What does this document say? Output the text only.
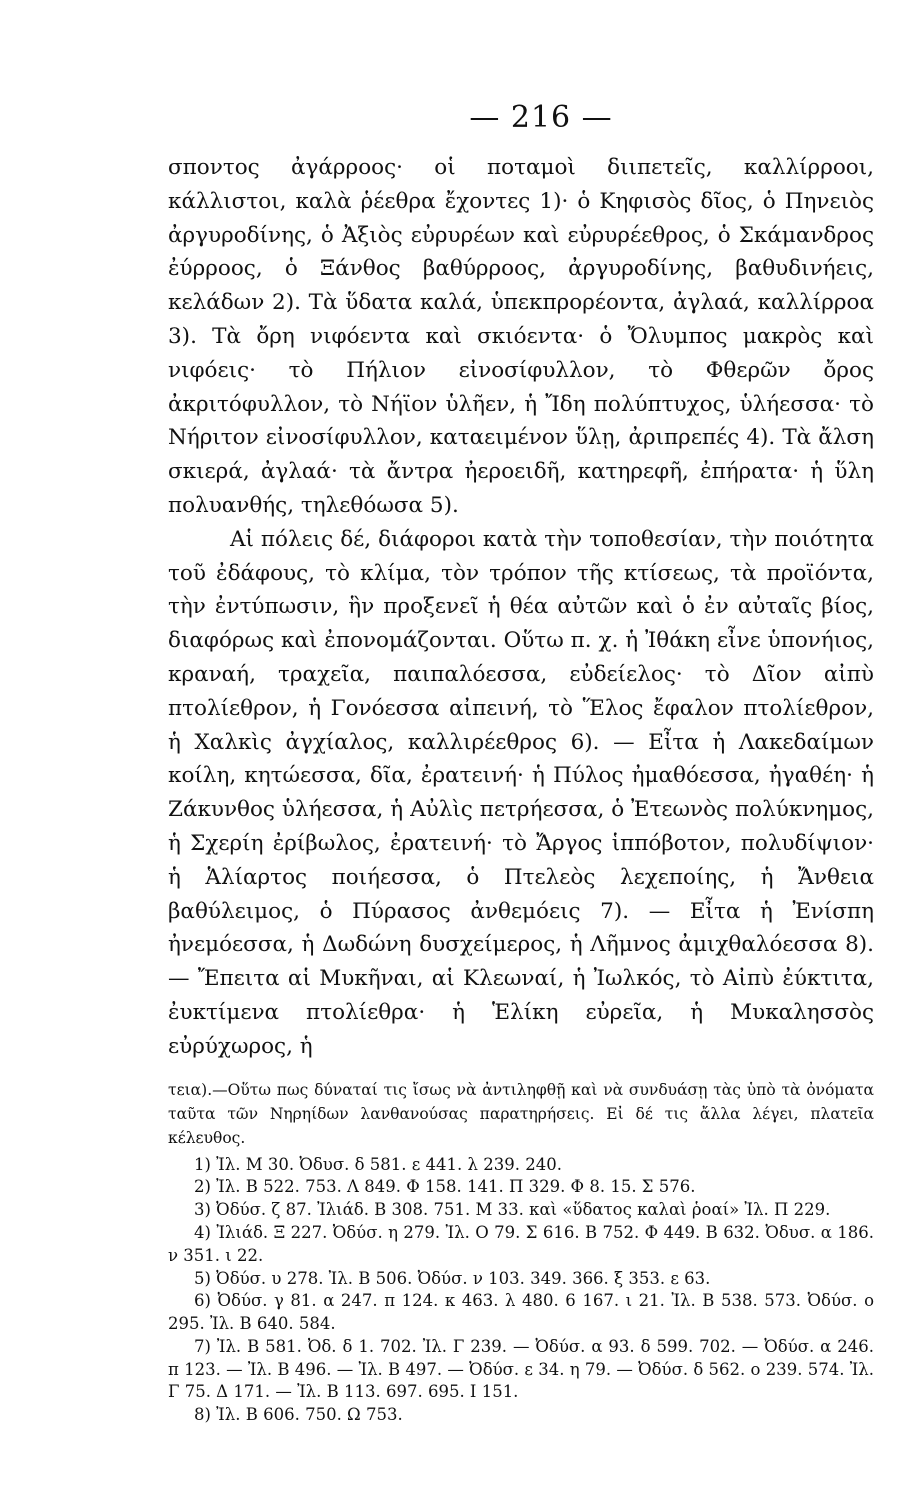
— 216 —

σποντος ἀγάρροος· οἱ ποταμοὶ διιπετεῖς, καλλίρροοι, κάλλιστοι, καλὰ ῥέεθρα ἔχοντες 1)· ὁ Κηφισὸς δῖος, ὁ Πηνειὸς ἀργυροδίνης, ὁ Ἀξιὸς εὐρυρέων καὶ εὐρυρέεθρος, ὁ Σκάμανδρος ἐύρροος, ὁ Ξάνθος βαθύρροος, ἀργυροδίνης, βαθυδινήεις, κελάδων 2). Τὰ ὕδατα καλά, ὑπεκπρορέοντα, ἀγλαά, καλλίρροα 3). Τὰ ὄρη νιφόεντα καὶ σκιόεντα· ὁ Ὄλυμπος μακρὸς καὶ νιφόεις· τὸ Πήλιον εἰνοσίφυλλον, τὸ Φθερῶν ὄρος ἀκριτόφυλλον, τὸ Νήϊον ὑλῆεν, ἡ Ἴδη πολύπτυχος, ὑλήεσσα· τὸ Νήριτον εἰνοσίφυλλον, καταειμένον ὕλῃ, ἀριπρεπές 4). Τὰ ἄλση σκιερά, ἀγλαά· τὰ ἄντρα ἠεροειδῆ, κατηρεφῆ, ἐπήρατα· ἡ ὕλη πολυανθής, τηλεθόωσα 5).

Αἱ πόλεις δέ, διάφοροι κατὰ τὴν τοποθεσίαν, τὴν ποιότητα τοῦ ἐδάφους, τὸ κλίμα, τὸν τρόπον τῆς κτίσεως, τὰ προϊόντα, τὴν ἐντύπωσιν, ἣν προξενεῖ ἡ θέα αὐτῶν καὶ ὁ ἐν αὐταῖς βίος, διαφόρως καὶ ἐπονομάζονται. Οὕτω π. χ. ἡ Ἰθάκη εἶνε ὑπονήιος, κραναή, τραχεῖα, παιπαλόεσσα, εὐδείελος· τὸ Δῖον αἰπὺ πτολίεθρον, ἡ Γονόεσσα αἰπεινή, τὸ Ἕλος ἔφαλον πτολίεθρον, ἡ Χαλκὶς ἀγχίαλος, καλλιρέεθρος 6). — Εἶτα ἡ Λακεδαίμων κοίλη, κητώεσσα, δῖα, ἐρατεινή· ἡ Πύλος ἠμαθόεσσα, ἠγαθέη· ἡ Ζάκυνθος ὑλήεσσα, ἡ Αὐλὶς πετρήεσσα, ὁ Ἐτεωνὸς πολύκνημος, ἡ Σχερίη ἐρίβωλος, ἐρατεινή· τὸ Ἄργος ἱππόβοτον, πολυδίψιον· ἡ Ἁλίαρτος ποιήεσσα, ὁ Πτελεὸς λεχεποίης, ἡ Ἄνθεια βαθύλειμος, ὁ Πύρασος ἀνθεμόεις 7). — Εἶτα ἡ Ἐνίσπη ἠνεμόεσσα, ἡ Δωδώνη δυσχείμερος, ἡ Λῆμνος ἀμιχθαλόεσσα 8). — Ἔπειτα αἱ Μυκῆναι, αἱ Κλεωναί, ἡ Ἰωλκός, τὸ Αἰπὺ ἐύκτιτα, ἐυκτίμενα πτολίεθρα· ἡ Ἑλίκη εὐρεῖα, ἡ Μυκαλησσὸς εὐρύχωρος, ἡ

τεια).—Οὕτω πως δύναταί τις ἴσως νὰ ἀντιληφθῇ καὶ νὰ συνδυάσῃ τὰς ὑπὸ τὰ ὀνόματα ταῦτα τῶν Νηρηίδων λανθανούσας παρατηρήσεις. Εἰ δέ τις ἄλλα λέγει, πλατεῖα κέλευθος.
1) Ἰλ. Μ 30. Ὀδυσ. δ 581. ε 441. λ 239. 240.
2) Ἰλ. Β 522. 753. Λ 849. Φ 158. 141. Π 329. Φ 8. 15. Σ 576.
3) Ὀδύσ. ζ 87. Ἰλιάδ. Β 308. 751. Μ 33. καὶ «ὕδατος καλαὶ ῥοαί» Ἰλ. Π 229.
4) Ἰλιάδ. Ξ 227. Ὀδύσ. η 279. Ἰλ. Ο 79. Σ 616. Β 752. Φ 449. Β 632. Ὀδυσ. α 186. ν 351. ι 22.
5) Ὀδύσ. υ 278. Ἰλ. Β 506. Ὀδύσ. ν 103. 349. 366. ξ 353. ε 63.
6) Ὀδύσ. γ 81. α 247. π 124. κ 463. λ 480. 6 167. ι 21. Ἰλ. Β 538. 573. Ὀδύσ. ο 295. Ἰλ. Β 640. 584.
7) Ἰλ. Β 581. Ὀδ. δ 1. 702. Ἰλ. Γ 239. — Ὀδύσ. α 93. δ 599. 702. — Ὀδύσ. α 246. π 123. — Ἰλ. Β 496. — Ἰλ. Β 497. — Ὀδύσ. ε 34. η 79. — Ὀδύσ. δ 562. ο 239. 574. Ἰλ. Γ 75. Δ 171. — Ἰλ. Β 113. 697. 695. Ι 151.
8) Ἰλ. Β 606. 750. Ω 753.
